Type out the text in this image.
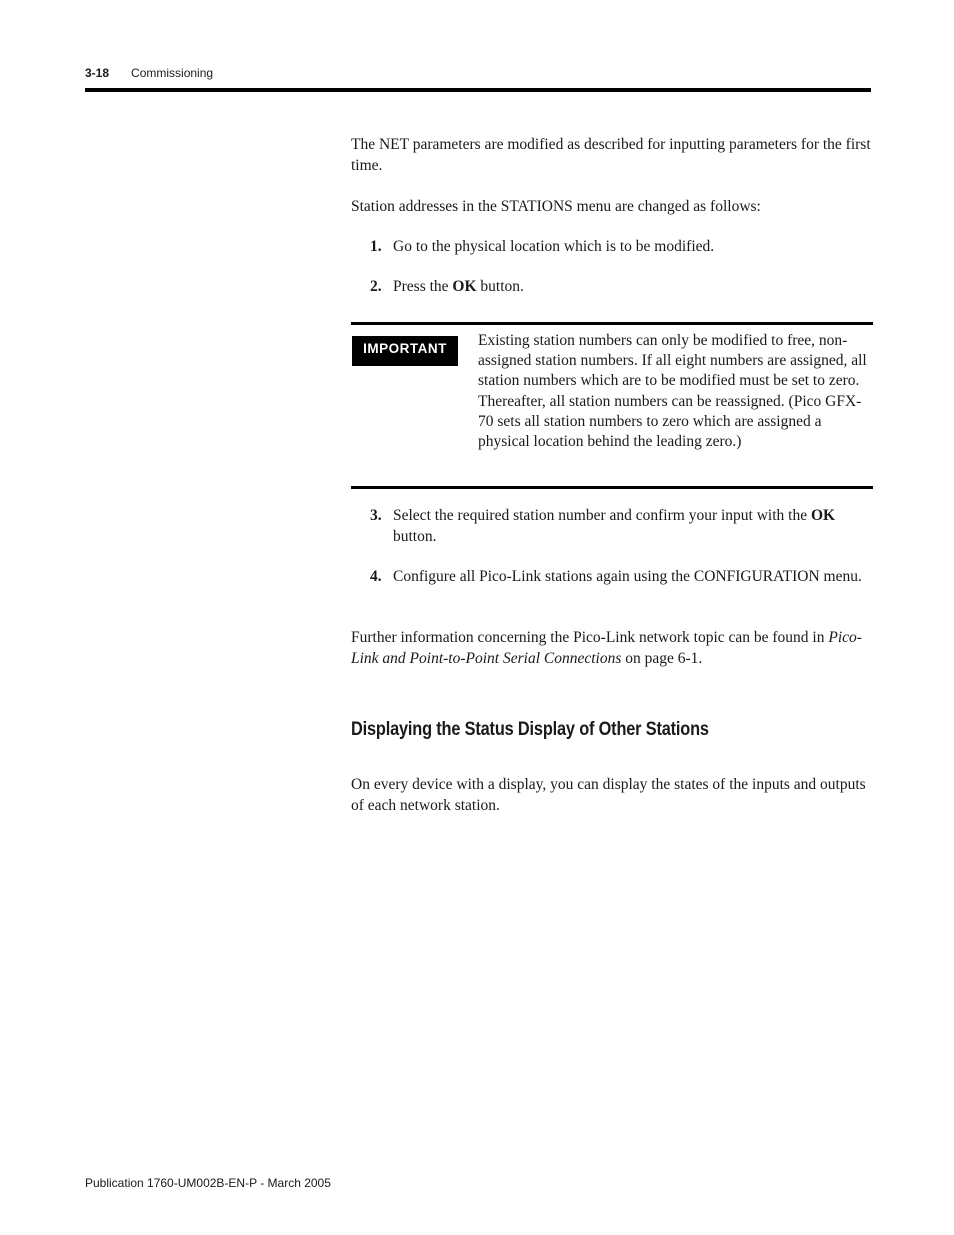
3-18 Commissioning
The NET parameters are modified as described for inputting parameters for the first time.
Station addresses in the STATIONS menu are changed as follows:
1. Go to the physical location which is to be modified.
2. Press the OK button.
IMPORTANT	Existing station numbers can only be modified to free, non-assigned station numbers. If all eight numbers are assigned, all station numbers which are to be modified must be set to zero. Thereafter, all station numbers can be reassigned. (Pico GFX-70 sets all station numbers to zero which are assigned a physical location behind the leading zero.)
3. Select the required station number and confirm your input with the OK button.
4. Configure all Pico-Link stations again using the CONFIGURATION menu.
Further information concerning the Pico-Link network topic can be found in Pico-Link and Point-to-Point Serial Connections on page 6-1.
Displaying the Status Display of Other Stations
On every device with a display, you can display the states of the inputs and outputs of each network station.
Publication 1760-UM002B-EN-P - March 2005
